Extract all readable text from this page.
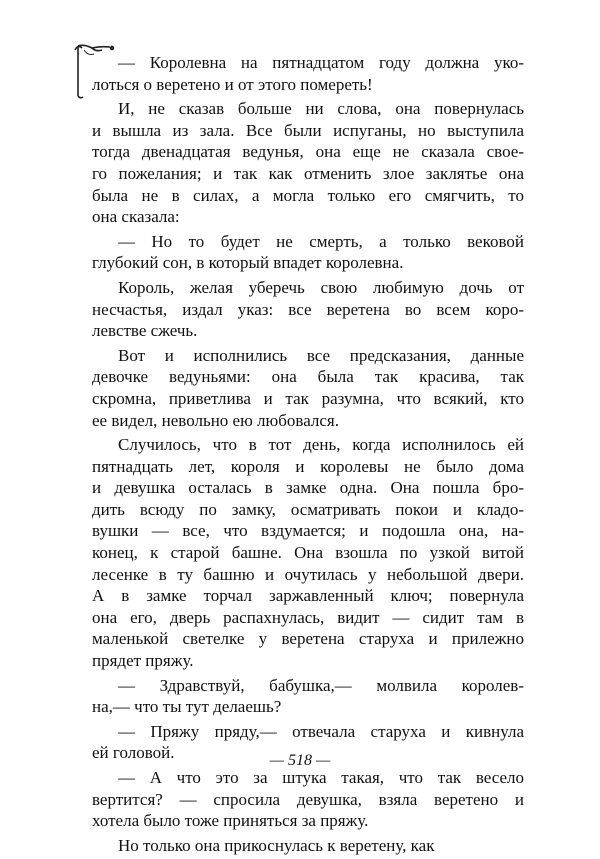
— Королевна на пятнадцатом году должна уко-
лоться о веретено и от этого помереть!
И, не сказав больше ни слова, она повернулась
и вышла из зала. Все были испуганы, но выступила
тогда двенадцатая ведунья, она еще не сказала свое-
го пожелания; и так как отменить злое заклятье она
была не в силах, а могла только его смягчить, то
она сказала:
— Но то будет не смерть, а только вековой
глубокий сон, в который впадет королевна.
Король, желая уберечь свою любимую дочь от
несчастья, издал указ: все веретена во всем коро-
левстве сжечь.
Вот и исполнились все предсказания, данные
девочке ведуньями: она была так красива, так
скромна, приветлива и так разумна, что всякий, кто
ее видел, невольно ею любовался.
Случилось, что в тот день, когда исполнилось ей
пятнадцать лет, короля и королевы не было дома
и девушка осталась в замке одна. Она пошла бро-
дить всюду по замку, осматривать покои и кладо-
вушки — все, что вздумается; и подошла она, на-
конец, к старой башне. Она взошла по узкой витой
лесенке в ту башню и очутилась у небольшой двери.
А в замке торчал заржавленный ключ; повернула
она его, дверь распахнулась, видит — сидит там в
маленькой светелке у веретена старуха и прилежно
прядет пряжу.
— Здравствуй, бабушка,— молвила королев-
на,— что ты тут делаешь?
— Пряжу пряду,— отвечала старуха и кивнула
ей головой.
— А что это за штука такая, что так весело
вертится? — спросила девушка, взяла веретено и
хотела было тоже приняться за пряжу.
Но только она прикоснулась к веретену, как
— 518 —
